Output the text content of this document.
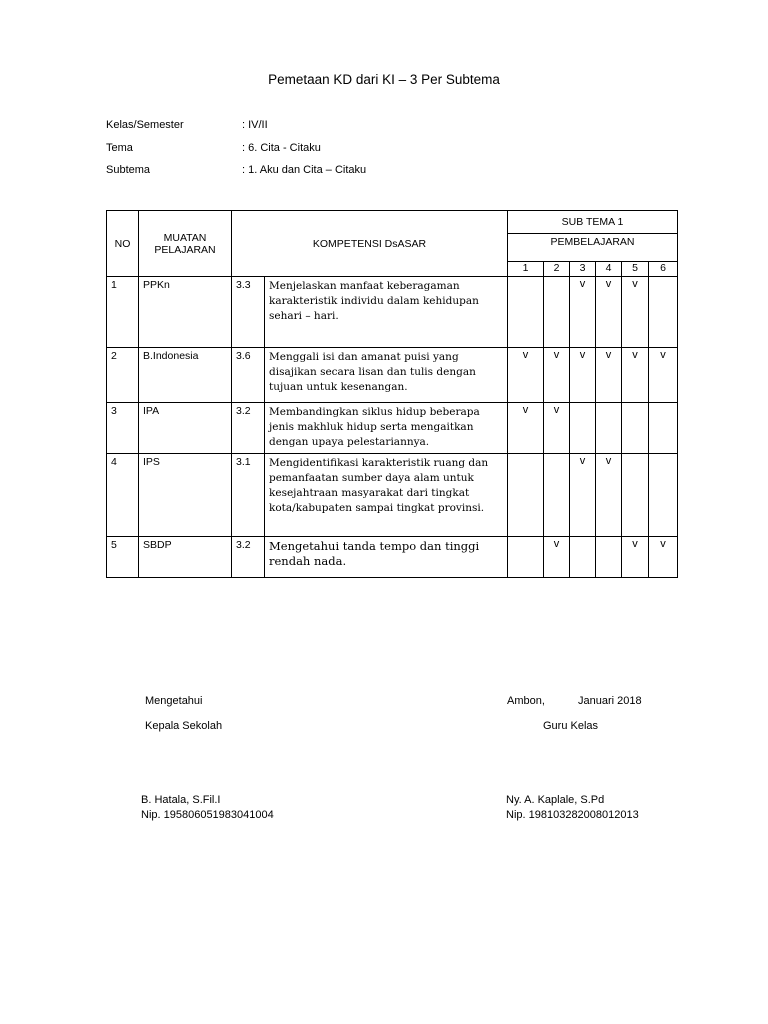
Pemetaan KD dari KI – 3 Per Subtema
Kelas/Semester	: IV/II
Tema	: 6. Cita - Citaku
Subtema	: 1. Aku dan Cita – Citaku
NO	MUATAN PELAJARAN	KOMPETENSI DsASAR		SUB TEMA 1					
				PEMBELAJARAN					
				1	2	3	4	5	6
1	PPKn	3.3	Menjelaskan manfaat keberagaman karakteristik individu dalam kehidupan sehari – hari.			v	v	v	
2	B.Indonesia	3.6	Menggali isi dan amanat puisi yang disajikan secara lisan dan tulis dengan tujuan untuk kesenangan.	v	v	v	v	v	v
3	IPA	3.2	Membandingkan siklus hidup beberapa jenis makhluk hidup serta mengaitkan dengan upaya pelestariannya.	v	v				
4	IPS	3.1	Mengidentifikasi karakteristik ruang dan pemanfaatan sumber daya alam untuk kesejahtraan masyarakat dari tingkat kota/kabupaten sampai tingkat provinsi.			v	v		
5	SBDP	3.2	Mengetahui tanda tempo dan tinggi rendah nada.		v			v	v
Mengetahui
Kepala Sekolah
B. Hatala, S.Fil.I
Nip. 195806051983041004
Ambon,	Januari 2018
Guru Kelas
Ny. A. Kaplale, S.Pd
Nip. 198103282008012013
